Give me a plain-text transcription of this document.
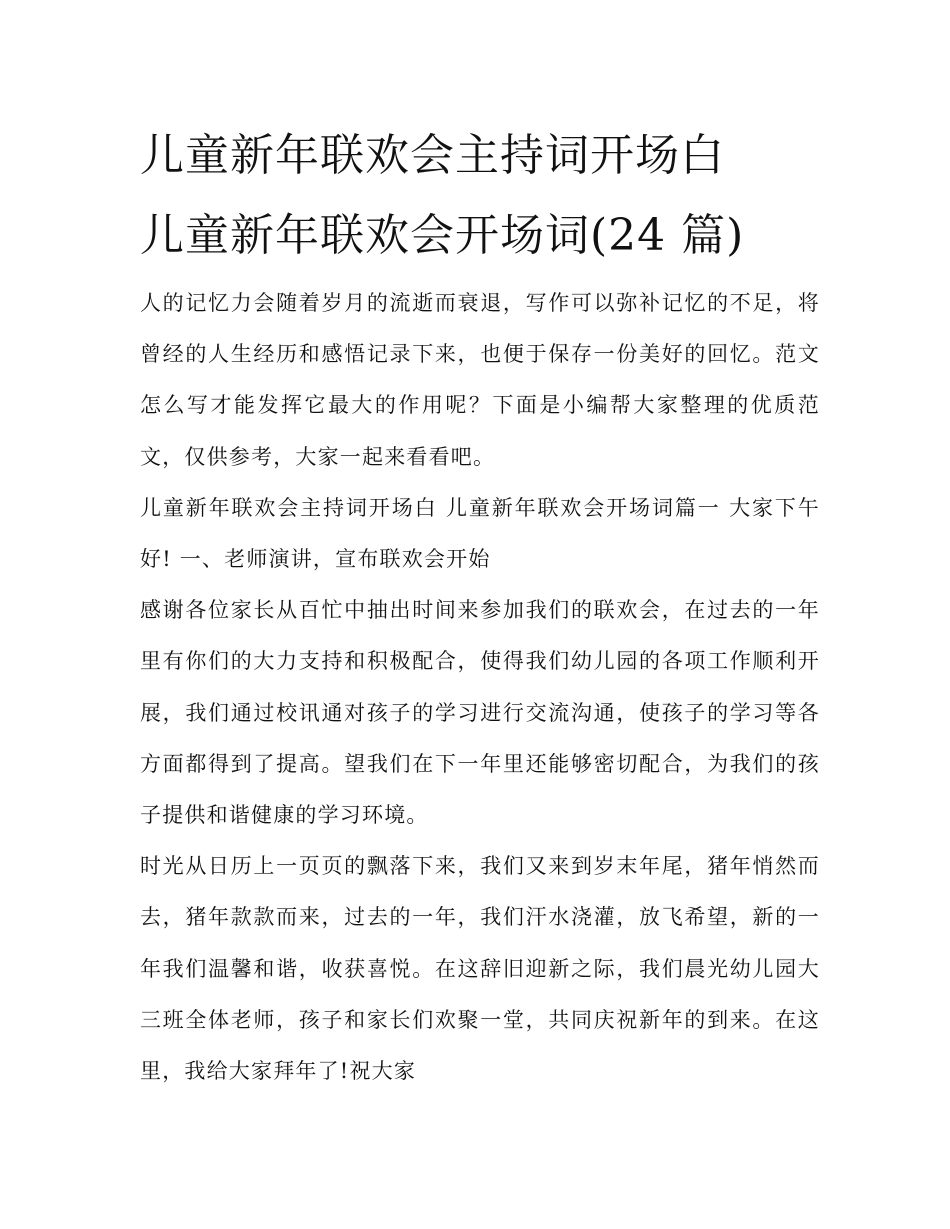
儿童新年联欢会主持词开场白
儿童新年联欢会开场词(24 篇)

人的记忆力会随着岁月的流逝而衰退，写作可以弥补记忆的不足，将曾经的人生经历和感悟记录下来，也便于保存一份美好的回忆。范文怎么写才能发挥它最大的作用呢？下面是小编帮大家整理的优质范文，仅供参考，大家一起来看看吧。

儿童新年联欢会主持词开场白 儿童新年联欢会开场词篇一 大家下午好! 一、老师演讲，宣布联欢会开始

感谢各位家长从百忙中抽出时间来参加我们的联欢会，在过去的一年里有你们的大力支持和积极配合，使得我们幼儿园的各项工作顺利开展，我们通过校讯通对孩子的学习进行交流沟通，使孩子的学习等各方面都得到了提高。望我们在下一年里还能够密切配合，为我们的孩子提供和谐健康的学习环境。

时光从日历上一页页的飘落下来，我们又来到岁末年尾，猪年悄然而去，猪年款款而来，过去的一年，我们汗水浇灌，放飞希望，新的一年我们温馨和谐，收获喜悦。在这辞旧迎新之际，我们晨光幼儿园大三班全体老师，孩子和家长们欢聚一堂，共同庆祝新年的到来。在这里，我给大家拜年了!祝大家
